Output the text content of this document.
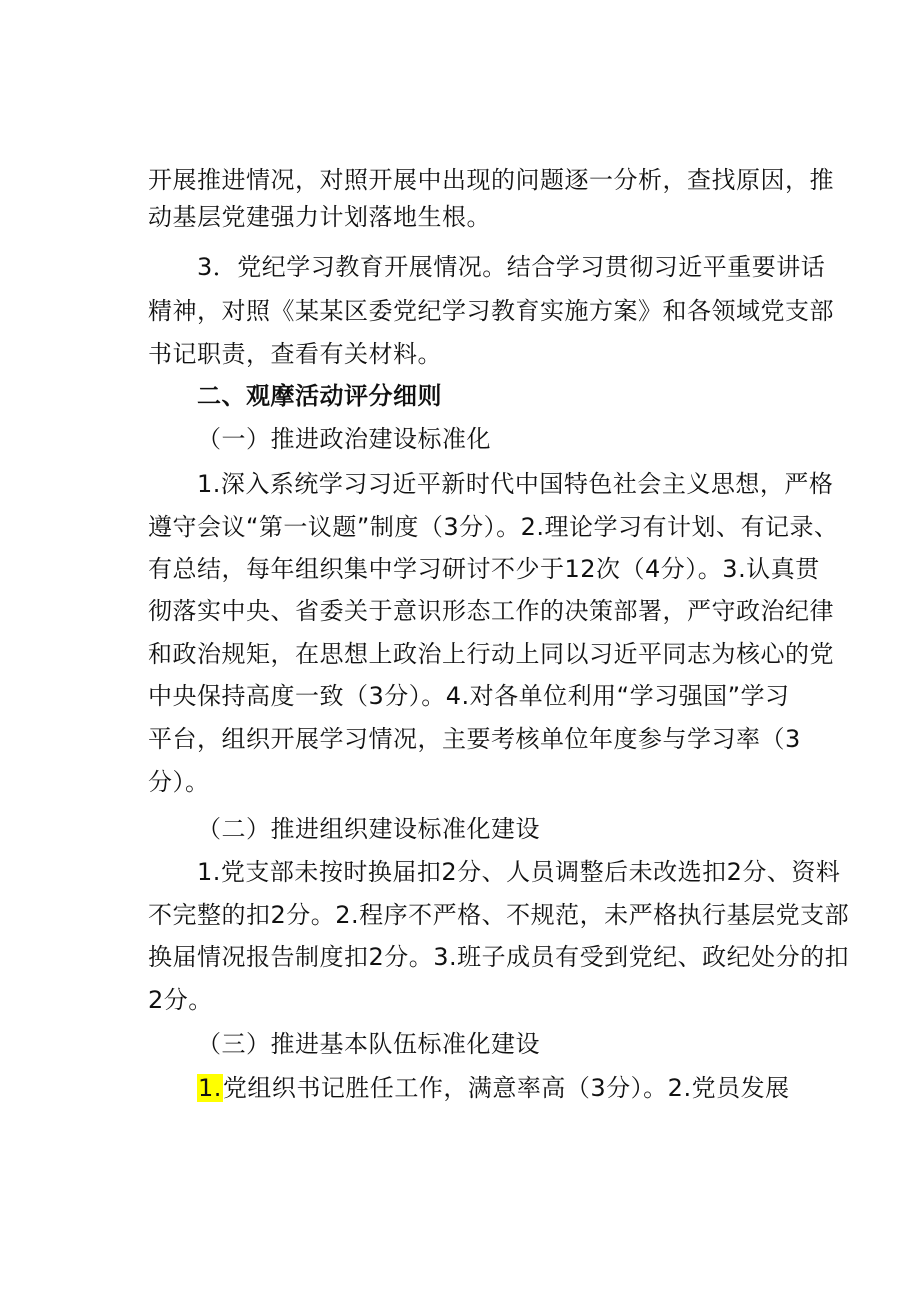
开展推进情况，对照开展中出现的问题逐一分析，查找原因，推
动基层党建强力计划落地生根。
3．党纪学习教育开展情况。结合学习贯彻习近平重要讲话
精神，对照《某某区委党纪学习教育实施方案》和各领域党支部
书记职责，查看有关材料。
二、观摩活动评分细则
（一）推进政治建设标准化
1.深入系统学习习近平新时代中国特色社会主义思想，严格
遵守会议“第一议题”制度（3分）。2.理论学习有计划、有记录、
有总结，每年组织集中学习研讨不少于12次（4分）。3.认真贯
彻落实中央、省委关于意识形态工作的决策部署，严守政治纪律
和政治规矩，在思想上政治上行动上同以习近平同志为核心的党
中央保持高度一致（3分）。4.对各单位利用“学习强国”学习
平台，组织开展学习情况，主要考核单位年度参与学习率（3
分）。
（二）推进组织建设标准化建设
1.党支部未按时换届扣2分、人员调整后未改选扣2分、资料
不完整的扣2分。2.程序不严格、不规范，未严格执行基层党支部
换届情况报告制度扣2分。3.班子成员有受到党纪、政纪处分的扣
2分。
（三）推进基本队伍标准化建设
1.党组织书记胜任工作，满意率高（3分）。2.党员发展
